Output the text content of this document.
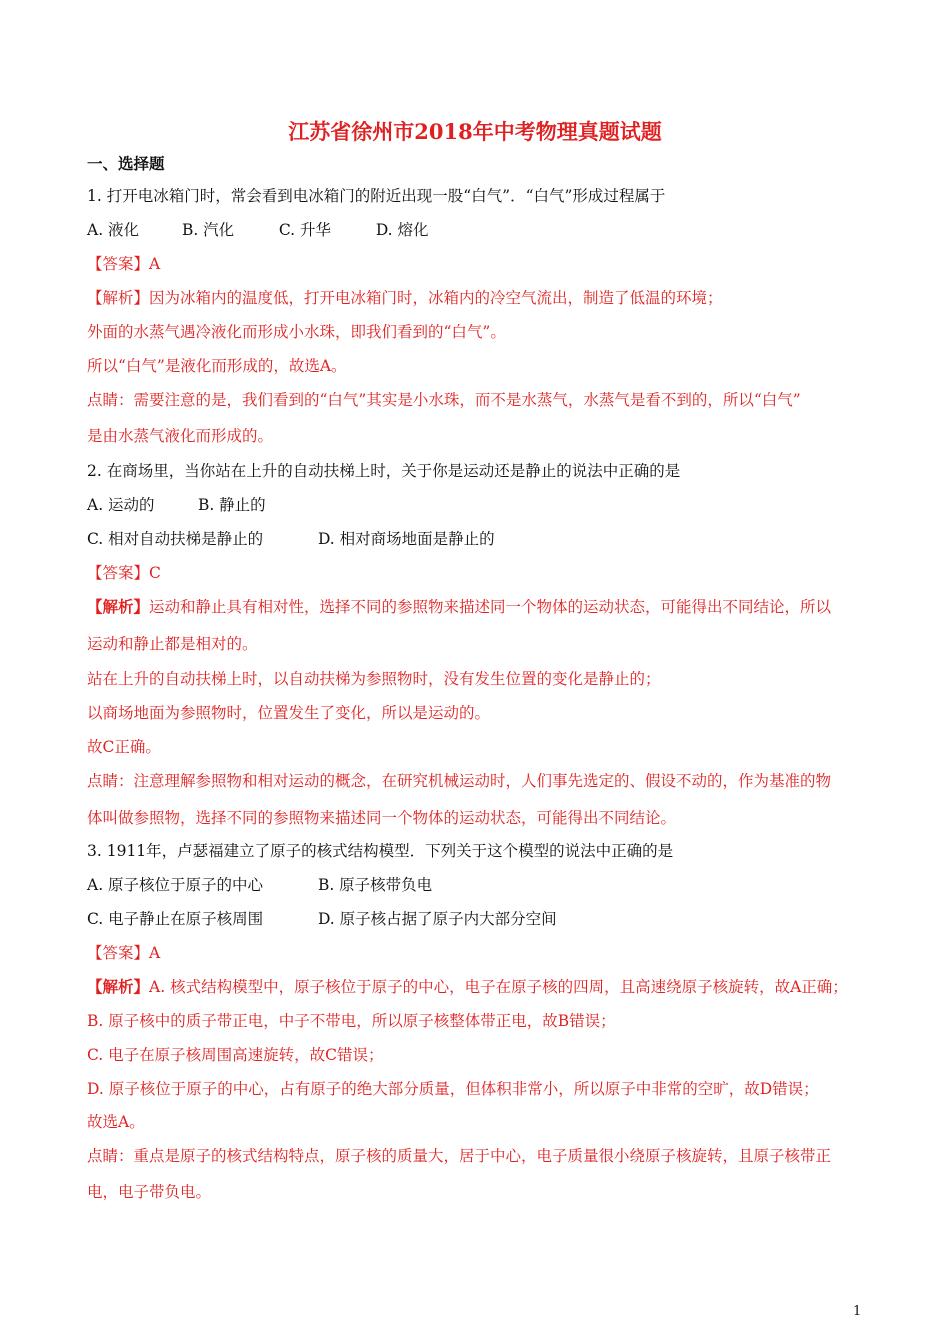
江苏省徐州市2018年中考物理真题试题
一、选择题
1. 打开电冰箱门时，常会看到电冰箱门的附近出现一股“白气”．“白气”形成过程属于
A. 液化	B. 汽化	C. 升华	D. 熔化
【答案】A
【解析】因为冰箱内的温度低，打开电冰箱门时，冰箱内的冷空气流出，制造了低温的环境；
外面的水蒸气遇冷液化而形成小水珠，即我们看到的“白气”。
所以“白气”是液化而形成的，故选A。
点睛：需要注意的是，我们看到的“白气”其实是小水珠，而不是水蒸气，水蒸气是看不到的，所以“白气”
是由水蒸气液化而形成的。
2. 在商场里，当你站在上升的自动扶梯上时，关于你是运动还是静止的说法中正确的是
A. 运动的	B. 静止的
C. 相对自动扶梯是静止的	D. 相对商场地面是静止的
【答案】C
【解析】运动和静止具有相对性，选择不同的参照物来描述同一个物体的运动状态，可能得出不同结论，所以
运动和静止都是相对的。
站在上升的自动扶梯上时，以自动扶梯为参照物时，没有发生位置的变化是静止的；
以商场地面为参照物时，位置发生了变化，所以是运动的。
故C正确。
点睛：注意理解参照物和相对运动的概念，在研究机械运动时，人们事先选定的、假设不动的，作为基准的物
体叫做参照物，选择不同的参照物来描述同一个物体的运动状态，可能得出不同结论。
3. 1911年，卢瑟福建立了原子的核式结构模型．下列关于这个模型的说法中正确的是
A. 原子核位于原子的中心	B. 原子核带负电
C. 电子静止在原子核周围	D. 原子核占据了原子内大部分空间
【答案】A
【解析】A. 核式结构模型中，原子核位于原子的中心，电子在原子核的四周，且高速绕原子核旋转，故A正确；
B. 原子核中的质子带正电，中子不带电，所以原子核整体带正电，故B错误；
C. 电子在原子核周围高速旋转，故C错误；
D. 原子核位于原子的中心，占有原子的绝大部分质量，但体积非常小，所以原子中非常的空旷，故D错误；
故选A。
点睛：重点是原子的核式结构特点，原子核的质量大，居于中心，电子质量很小绕原子核旋转，且原子核带正
电，电子带负电。
1
